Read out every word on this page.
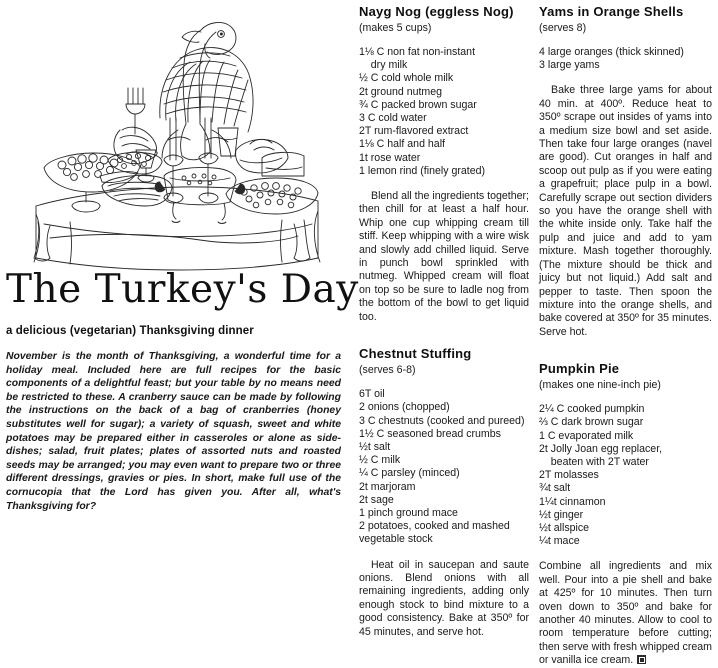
The Turkey's Day
a delicious (vegetarian) Thanksgiving dinner
November is the month of Thanksgiving, a wonderful time for a holiday meal. Included here are full recipes for the basic components of a delightful feast; but your table by no means need be restricted to these. A cranberry sauce can be made by following the instructions on the back of a bag of cranberries (honey substitutes well for sugar); a variety of squash, sweet and white potatoes may be prepared either in casseroles or alone as side-dishes; salad, fruit plates; plates of assorted nuts and roasted seeds may be arranged; you may even want to prepare two or three different dressings, gravies or pies. In short, make full use of the cornucopia that the Lord has given you. After all, what's Thanksgiving for?
Nayg Nog (eggless Nog)
(makes 5 cups)
1⅛ C non fat non-instant
dry milk
½ C cold whole milk
2t ground nutmeg
¾ C packed brown sugar
3 C cold water
2T rum-flavored extract
1⅛ C half and half
1t rose water
1 lemon rind (finely grated)
Blend all the ingredients together; then chill for at least a half hour. Whip one cup whipping cream till stiff. Keep whipping with a wire wisk and slowly add chilled liquid. Serve in punch bowl sprinkled with nutmeg. Whipped cream will float on top so be sure to ladle nog from the bottom of the bowl to get liquid too.
Chestnut Stuffing
(serves 6-8)
6T oil
2 onions (chopped)
3 C chestnuts (cooked and pureed)
1½ C seasoned bread crumbs
½t salt
½ C milk
¼ C parsley (minced)
2t marjoram
2t sage
1 pinch ground mace
2 potatoes, cooked and mashed
vegetable stock
Heat oil in saucepan and saute onions. Blend onions with all remaining ingredients, adding only enough stock to bind mixture to a good consistency. Bake at 350º for 45 minutes, and serve hot.
Yams in Orange Shells
(serves 8)
4 large oranges (thick skinned)
3 large yams
Bake three large yams for about 40 min. at 400º. Reduce heat to 350º scrape out insides of yams into a medium size bowl and set aside. Then take four large oranges (navel are good). Cut oranges in half and scoop out pulp as if you were eating a grapefruit; place pulp in a bowl. Carefully scrape out section dividers so you have the orange shell with the white inside only. Take half the pulp and juice and add to yam mixture. Mash together thoroughly. (The mixture should be thick and juicy but not liquid.) Add salt and pepper to taste. Then spoon the mixture into the orange shells, and bake covered at 350º for 35 minutes. Serve hot.
Pumpkin Pie
(makes one nine-inch pie)
2¼ C cooked pumpkin
⅔ C dark brown sugar
1 C evaporated milk
2t Jolly Joan egg replacer,
beaten with 2T water
2T molasses
¾t salt
1¼t cinnamon
½t ginger
½t allspice
¼t mace
Combine all ingredients and mix well. Pour into a pie shell and bake at 425º for 10 minutes. Then turn oven down to 350º and bake for another 40 minutes. Allow to cool to room temperature before cutting; then serve with fresh whipped cream or vanilla ice cream.
